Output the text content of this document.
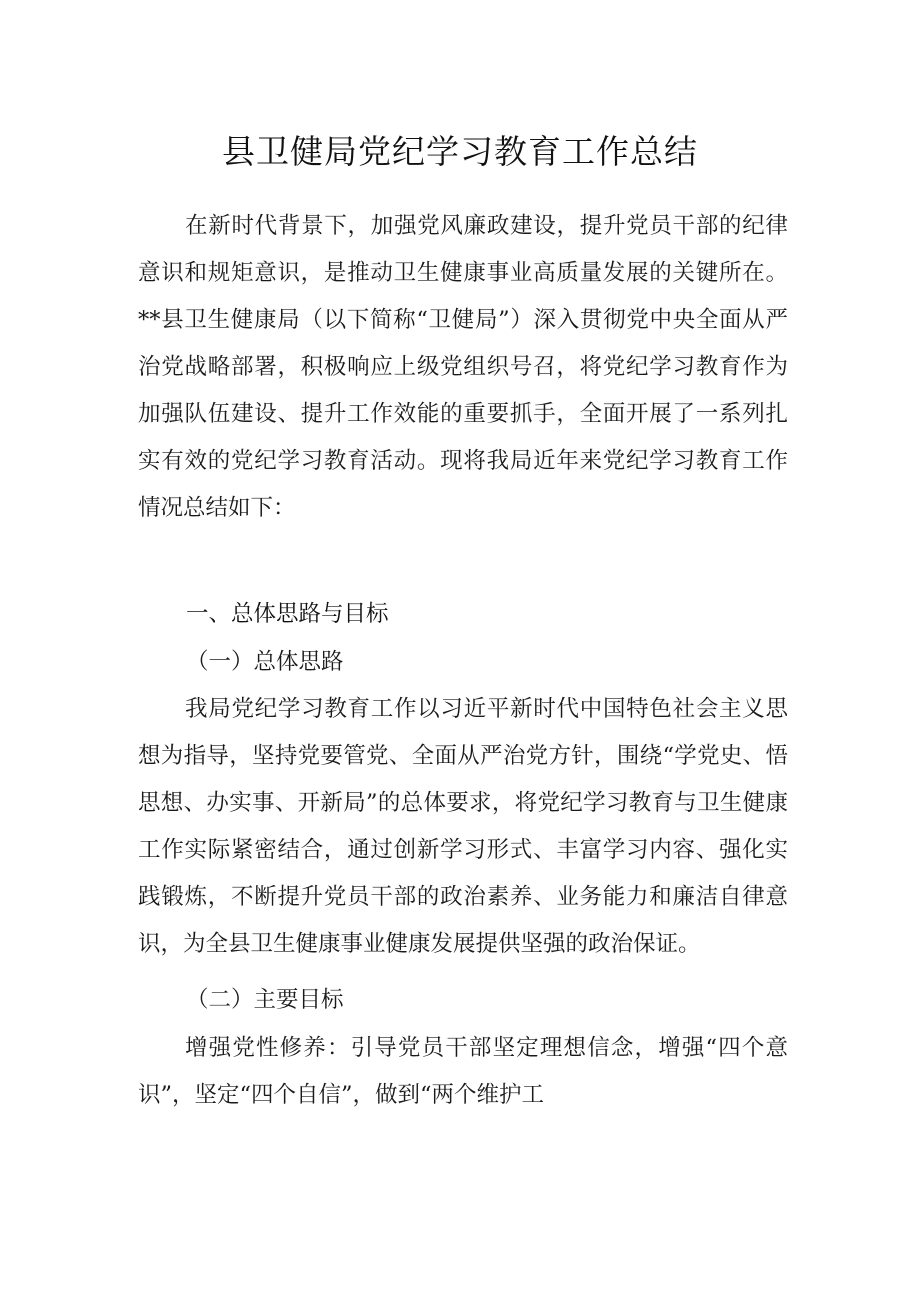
县卫健局党纪学习教育工作总结
在新时代背景下，加强党风廉政建设，提升党员干部的纪律意识和规矩意识，是推动卫生健康事业高质量发展的关键所在。**县卫生健康局（以下简称“卫健局”）深入贯彻党中央全面从严治党战略部署，积极响应上级党组织号召，将党纪学习教育作为加强队伍建设、提升工作效能的重要抓手，全面开展了一系列扎实有效的党纪学习教育活动。现将我局近年来党纪学习教育工作情况总结如下：
一、总体思路与目标
（一）总体思路
我局党纪学习教育工作以习近平新时代中国特色社会主义思想为指导，坚持党要管党、全面从严治党方针，围绕“学党史、悟思想、办实事、开新局”的总体要求，将党纪学习教育与卫生健康工作实际紧密结合，通过创新学习形式、丰富学习内容、强化实践锻炼，不断提升党员干部的政治素养、业务能力和廉洁自律意识，为全县卫生健康事业健康发展提供坚强的政治保证。
（二）主要目标
增强党性修养：引导党员干部坚定理想信念，增强“四个意识”，坚定“四个自信”，做到“两个维护工
